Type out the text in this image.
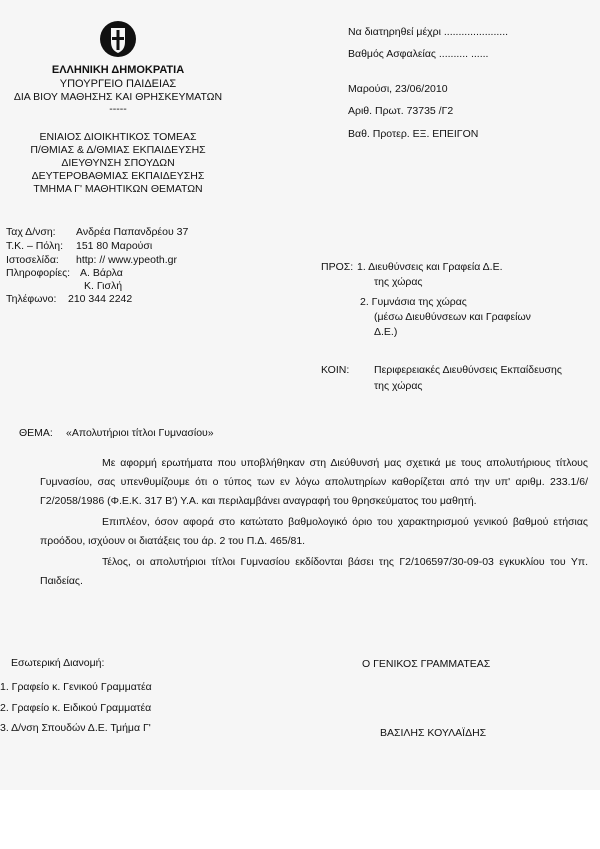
ΕΛΛΗΝΙΚΗ ΔΗΜΟΚΡΑΤΙΑ
ΥΠΟΥΡΓΕΙΟ ΠΑΙΔΕΙΑΣ
ΔΙΑ ΒΙΟΥ ΜΑΘΗΣΗΣ ΚΑΙ ΘΡΗΣΚΕΥΜΑΤΩΝ
-----
ΕΝΙΑΙΟΣ ΔΙΟΙΚΗΤΙΚΟΣ ΤΟΜΕΑΣ
Π/ΘΜΙΑΣ & Δ/ΘΜΙΑΣ ΕΚΠΑΙΔΕΥΣΗΣ
ΔΙΕΥΘΥΝΣΗ ΣΠΟΥΔΩΝ
ΔΕΥΤΕΡΟΒΑΘΜΙΑΣ ΕΚΠΑΙΔΕΥΣΗΣ
ΤΜΗΜΑ Γ' ΜΑΘΗΤΙΚΩΝ ΘΕΜΑΤΩΝ
Ταχ Δ/νση: Ανδρέα Παπανδρέου 37
Τ.Κ. – Πόλη: 151 80 Μαρούσι
Ιστοσελίδα: http: // www.ypeoth.gr
Πληροφορίες: Α. Βάρλα
Κ. Γισλή
Τηλέφωνο: 210 344 2242
Να διατηρηθεί μέχρι ......................
Βαθμός Ασφαλείας .......... ......
Μαρούσι, 23/06/2010
Αριθ. Πρωτ. 73735 /Γ2
Βαθ. Προτερ. ΕΞ. ΕΠΕΙΓΟΝ
ΠΡΟΣ: 1. Διευθύνσεις και Γραφεία Δ.Ε.
της χώρας
2. Γυμνάσια της χώρας
(μέσω Διευθύνσεων και Γραφείων
Δ.Ε.)
ΚΟΙΝ: Περιφερειακές Διευθύνσεις Εκπαίδευσης
της χώρας
ΘΕΜΑ: «Απολυτήριοι τίτλοι Γυμνασίου»

Με αφορμή ερωτήματα που υποβλήθηκαν στη Διεύθυνσή μας σχετικά με τους απολυτήριους τίτλους Γυμνασίου, σας υπενθυμίζουμε ότι ο τύπος των εν λόγω απολυτηρίων καθορίζεται από την υπ' αριθμ. 233.1/6/Γ2/2058/1986 (Φ.Ε.Κ. 317 Β') Υ.Α. και περιλαμβάνει αναγραφή του θρησκεύματος του μαθητή.

Επιπλέον, όσον αφορά στο κατώτατο βαθμολογικό όριο του χαρακτηρισμού γενικού βαθμού ετήσιας προόδου, ισχύουν οι διατάξεις του άρ. 2 του Π.Δ. 465/81.

Τέλος, οι απολυτήριοι τίτλοι Γυμνασίου εκδίδονται βάσει της Γ2/106597/30-09-03 εγκυκλίου του Υπ. Παιδείας.

Εσωτερική Διανομή:
1. Γραφείο κ. Γενικού Γραμματέα
2. Γραφείο κ. Ειδικού Γραμματέα
3. Δ/νση Σπουδών Δ.Ε. Τμήμα Γ'
Ο ΓΕΝΙΚΟΣ ΓΡΑΜΜΑΤΕΑΣ
ΒΑΣΙΛΗΣ ΚΟΥΛΑΪΔΗΣ
